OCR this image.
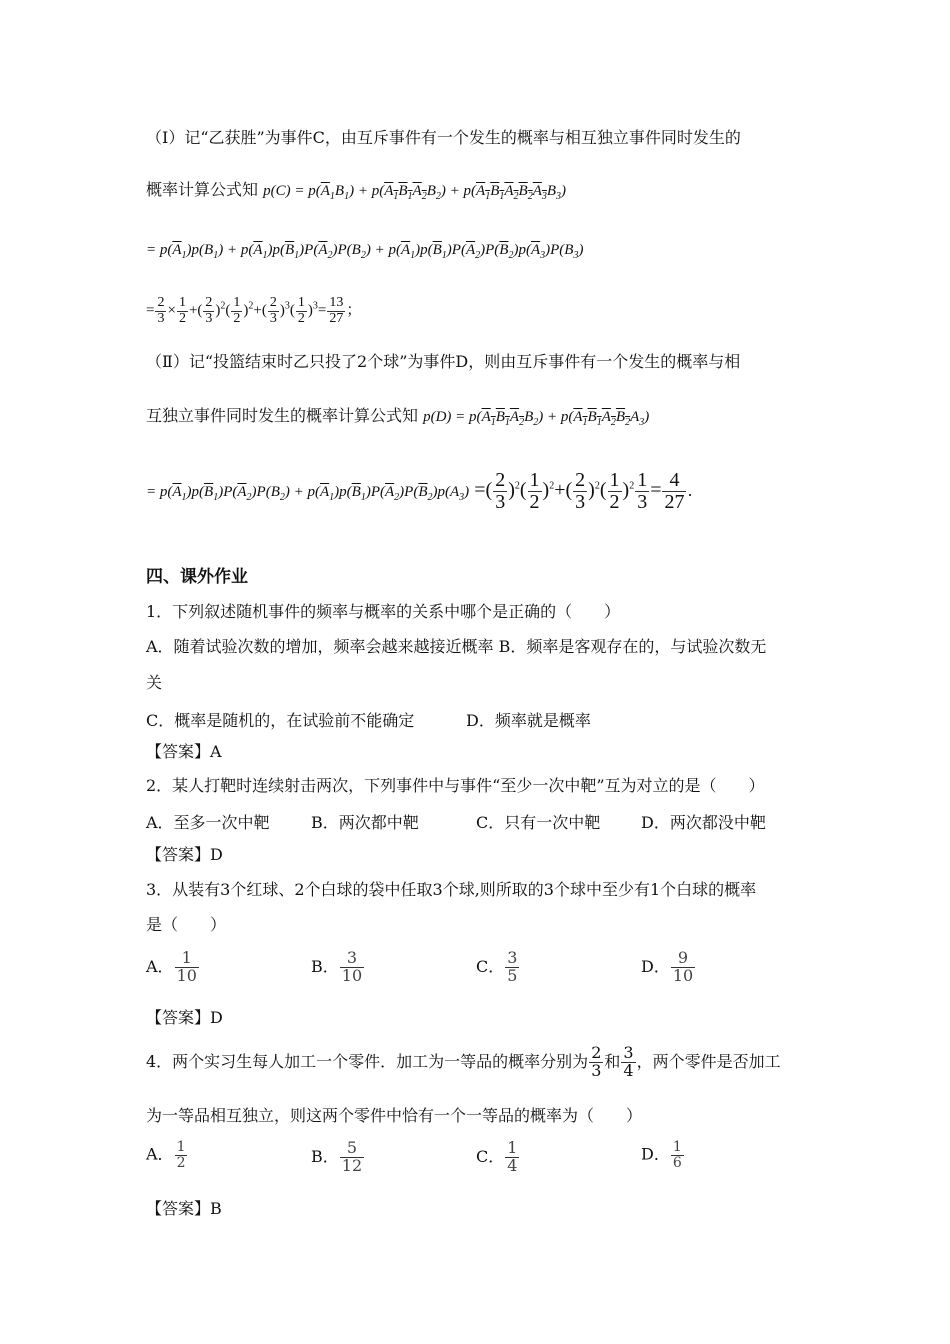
（Ⅰ）记“乙获胜”为事件C，由互斥事件有一个发生的概率与相互独立事件同时发生的
概率计算公式知 $p(C) = p(\overline{A}_1B_1) + p(A_1B_1A_2B_2) + p(A_1B_1A_2B_2A_3B_3)$
= $p(\overline{A}_1)p(B_1) + p(\overline{A}_1)p(\overline{B}_1)P(\overline{A}_2)P(B_2) + p(\overline{A}_1)p(\overline{B}_1)P(\overline{A}_2)P(\overline{B}_2)p(\overline{A}_3)P(B_3)$
= $\frac{2}{3} \times \frac{1}{2}$ +( $\frac{2}{3} )^2( \frac{1}{2} )^2+( \frac{2}{3} )^3( \frac{1}{2} )^3= \frac{13}{27}$ ；
（Ⅱ）记“投篮结束时乙只投了2个球”为事件D，则由互斥事件有一个发生的概率与相
互独立事件同时发生的概率计算公式知 $p(D) = p(A_1B_1A_2B_2) + p(A_1B_1A_2B_2A_3)$
= $p(\overline{A}_1)p(\overline{B}_1)P(\overline{A}_2)P(B_2) + p(\overline{A}_1)p(\overline{B}_1)P(\overline{A}_2)P(\overline{B}_2)p(A_3)$ =( $\frac{2}{3} )^2( \frac{1}{2} )^2+( \frac{2}{3} )^2( \frac{1}{2} )^2 \frac{1}{3} = \frac{4}{27}$ .
四、课外作业
1．下列叙述随机事件的频率与概率的关系中哪个是正确的（　　）
A．随着试验次数的增加，频率会越来越接近概率 B．频率是客观存在的，与试验次数无
关
C．概率是随机的，在试验前不能确定	D．频率就是概率
【答案】A
2．某人打靶时连续射击两次，下列事件中与事件“至少一次中靶”互为对立的是（　　）
A．至多一次中靶	B．两次都中靶	C．只有一次中靶	D．两次都没中靶
【答案】D
3．从装有3个红球、2个白球的袋中任取3个球,则所取的3个球中至少有1个白球的概率
是（　　）
A． $\frac{1}{10}$	B． $\frac{3}{10}$	C． $\frac{3}{5}$	D． $\frac{9}{10}$
【答案】D
4．两个实习生每人加工一个零件．加工为一等品的概率分别为 $\frac{2}{3}$ 和 $\frac{3}{4}$ ，两个零件是否加工
为一等品相互独立，则这两个零件中恰有一个一等品的概率为（　　）
A． $\frac{1}{2}$	B． $\frac{5}{12}$	C． $\frac{1}{4}$	D． $\frac{1}{6}$
【答案】B
